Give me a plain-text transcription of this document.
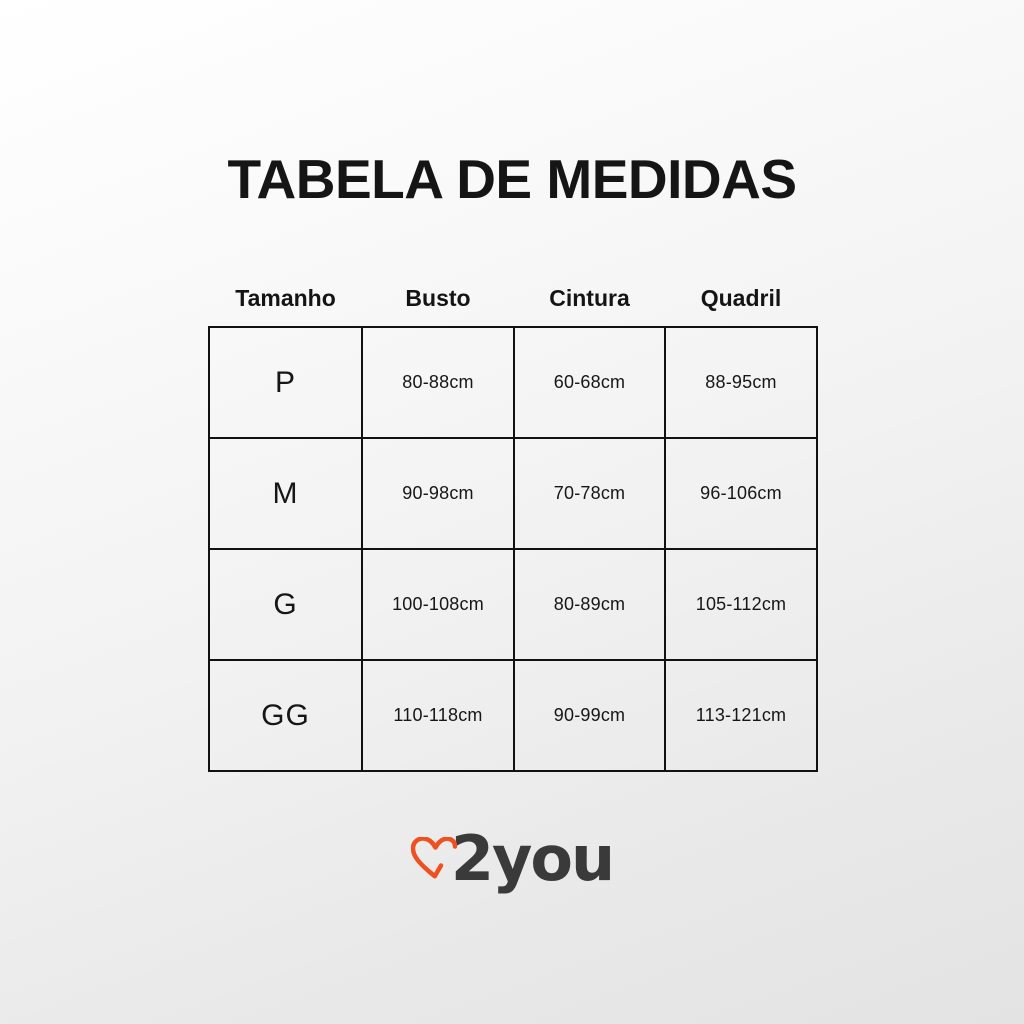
TABELA DE MEDIDAS
Tamanho	Busto	Cintura	Quadril
P	80-88cm	60-68cm	88-95cm
M	90-98cm	70-78cm	96-106cm
G	100-108cm	80-89cm	105-112cm
GG	110-118cm	90-99cm	113-121cm
2you
